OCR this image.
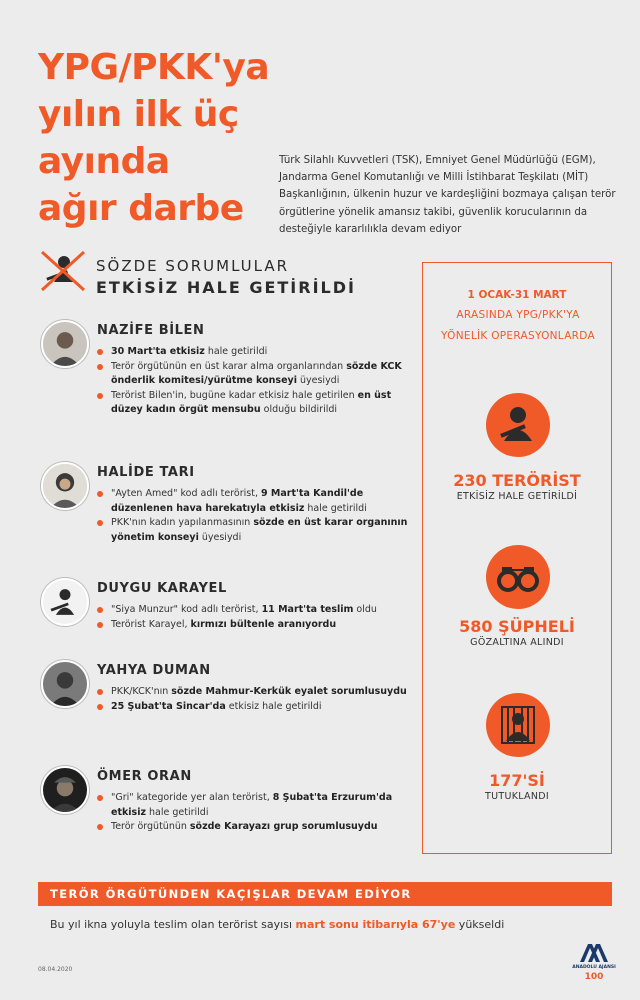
YPG/PKK'ya
yılın ilk üç ayında
ağır darbe
Türk Silahlı Kuvvetleri (TSK), Emniyet Genel Müdürlüğü (EGM), Jandarma Genel Komutanlığı ve Milli İstihbarat Teşkilatı (MİT) Başkanlığının, ülkenin huzur ve kardeşliğini bozmaya çalışan terör örgütlerine yönelik amansız takibi, güvenlik korucularının da desteğiyle kararlılıkla devam ediyor
SÖZDE SORUMLULAR
ETKİSİZ HALE GETİRİLDİ
NAZİFE BİLEN
30 Mart'ta etkisiz hale getirildi
Terör örgütünün en üst karar alma organlarından sözde KCK önderlik komitesi/yürütme konseyi üyesiydi
Terörist Bilen'in, bugüne kadar etkisiz hale getirilen en üst düzey kadın örgüt mensubu olduğu bildirildi
HALİDE TARI
"Ayten Amed" kod adlı terörist, 9 Mart'ta Kandil'de düzenlenen hava harekatıyla etkisiz hale getirildi
PKK'nın kadın yapılanmasının sözde en üst karar organının yönetim konseyi üyesiydi
DUYGU KARAYEL
"Siya Munzur" kod adlı terörist, 11 Mart'ta teslim oldu
Terörist Karayel, kırmızı bültenle aranıyordu
YAHYA DUMAN
PKK/KCK'nın sözde Mahmur-Kerkük eyalet sorumlusuydu
25 Şubat'ta Sincar'da etkisiz hale getirildi
ÖMER ORAN
"Gri" kategoride yer alan terörist, 8 Şubat'ta Erzurum'da etkisiz hale getirildi
Terör örgütünün sözde Karayazı grup sorumlusuydu
1 OCAK-31 MART
ARASINDA YPG/PKK'YA YÖNELİK OPERASYONLARDA
230 TERÖRİST
ETKİSİZ HALE GETİRİLDİ
580 ŞÜPHELİ
GÖZALTINA ALINDI
177'Sİ
TUTUKLANDI
TERÖR ÖRGÜTÜNDEN KAÇIŞLAR DEVAM EDİYOR
Bu yıl ikna yoluyla teslim olan terörist sayısı mart sonu itibarıyla 67'ye yükseldi
08.04.2020	ANADOLU AJANSI
100
